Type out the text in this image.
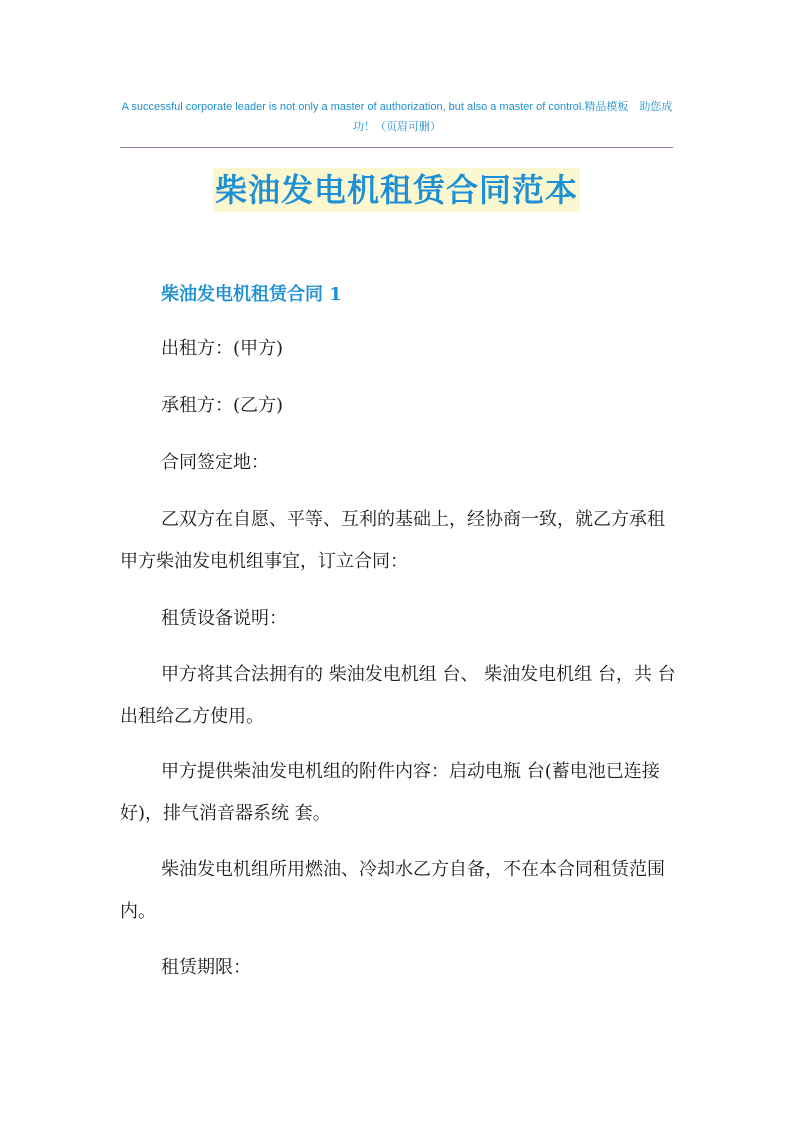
A successful corporate leader is not only a master of authorization, but also a master of control.精品模板　助您成功！（页眉可删）
柴油发电机租赁合同范本
柴油发电机租赁合同 1

出租方：(甲方)

承租方：(乙方)

合同签定地：

乙双方在自愿、平等、互利的基础上，经协商一致，就乙方承租甲方柴油发电机组事宜，订立合同：

租赁设备说明：

甲方将其合法拥有的 柴油发电机组 台、 柴油发电机组 台，共 台出租给乙方使用。

甲方提供柴油发电机组的附件内容：启动电瓶 台(蓄电池已连接好)，排气消音器系统 套。

柴油发电机组所用燃油、冷却水乙方自备，不在本合同租赁范围内。

租赁期限：
